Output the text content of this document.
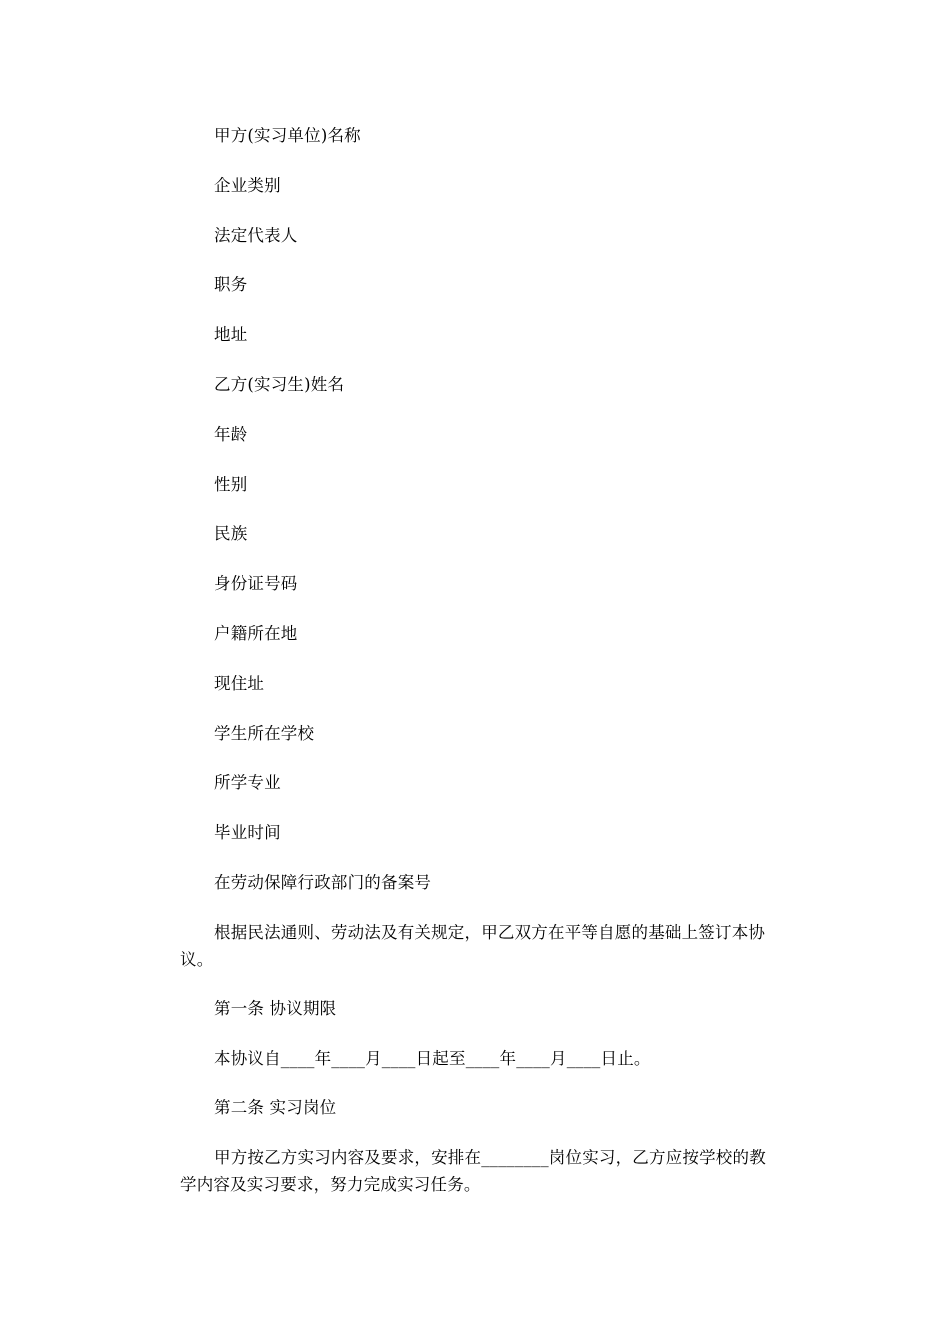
甲方(实习单位)名称

企业类别

法定代表人

职务

地址

乙方(实习生)姓名

年龄

性别

民族

身份证号码

户籍所在地

现住址

学生所在学校

所学专业

毕业时间

在劳动保障行政部门的备案号

根据民法通则、劳动法及有关规定，甲乙双方在平等自愿的基础上签订本协议。

第一条 协议期限

本协议自____年____月____日起至____年____月____日止。

第二条 实习岗位

甲方按乙方实习内容及要求，安排在________岗位实习，乙方应按学校的教学内容及实习要求，努力完成实习任务。
